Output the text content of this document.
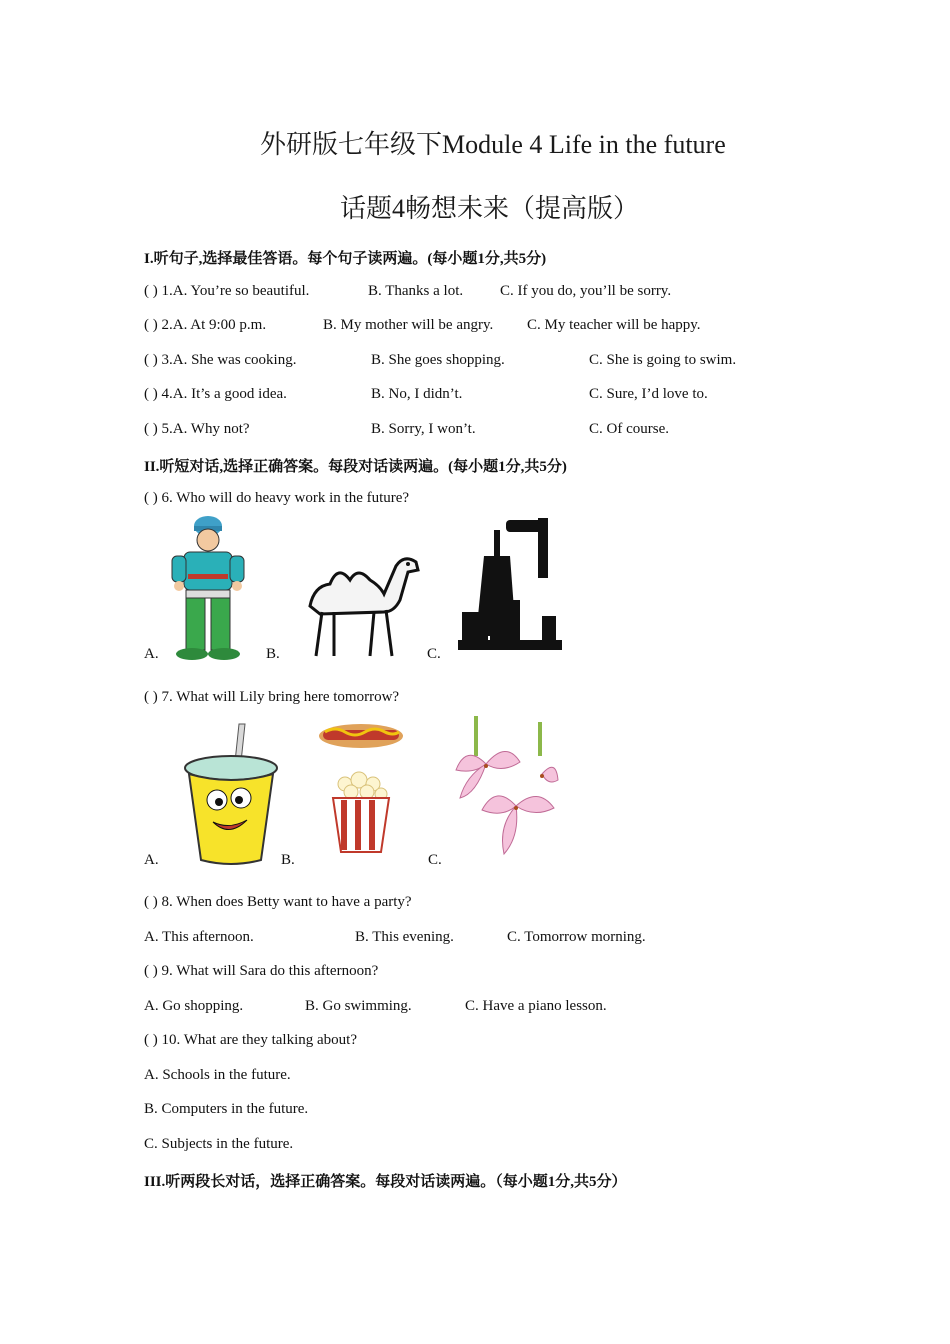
外研版七年级下Module 4 Life in the future
话题4畅想未来（提高版）
I.听句子,选择最佳答语。每个句子读两遍。(每小题1分,共5分)
( ) 1.A. You’re so beautiful.	B. Thanks a lot. C. If you do, you’ll be sorry.
( ) 2.A. At 9:00 p.m.	B. My mother will be angry. C. My teacher will be happy.
( ) 3.A. She was cooking.	B. She goes shopping.	C. She is going to swim.
( ) 4.A. It’s a good idea.	B. No, I didn’t.	C. Sure, I’d love to.
( ) 5.A. Why not?	B. Sorry, I won’t.	C. Of course.
II.听短对话,选择正确答案。每段对话读两遍。(每小题1分,共5分)
( ) 6. Who will do heavy work in the future?
A.	B.	C.
( ) 7. What will Lily bring here tomorrow?
A.	B.	C.
( ) 8. When does Betty want to have a party?
A. This afternoon.	B. This evening.	C. Tomorrow morning.
( ) 9. What will Sara do this afternoon?
A. Go shopping.	B. Go swimming.	C. Have a piano lesson.
( ) 10. What are they talking about?
A. Schools in the future.
B. Computers in the future.
C. Subjects in the future.
III.听两段长对话，选择正确答案。每段对话读两遍。（每小题1分,共5分）
